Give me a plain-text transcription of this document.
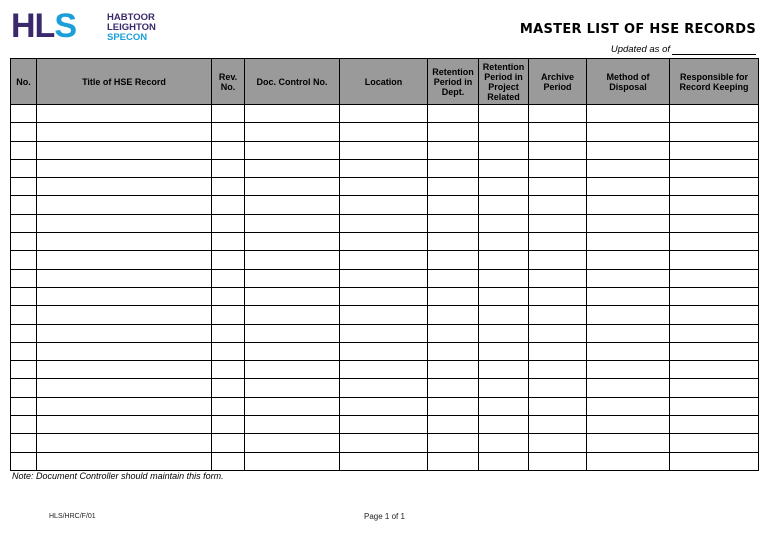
HLS	HABTOOR
LEIGHTON
SPECON
MASTER LIST OF HSE RECORDS
Updated as of
No.	Title of HSE Record	Rev. No.	Doc. Control No.	Location	Retention Period in Dept.	Retention Period in Project Related	Archive Period	Method of Disposal	Responsible for Record Keeping

Note: Document Controller should maintain this form.
HLS/HRC/F/01	Page 1 of 1
